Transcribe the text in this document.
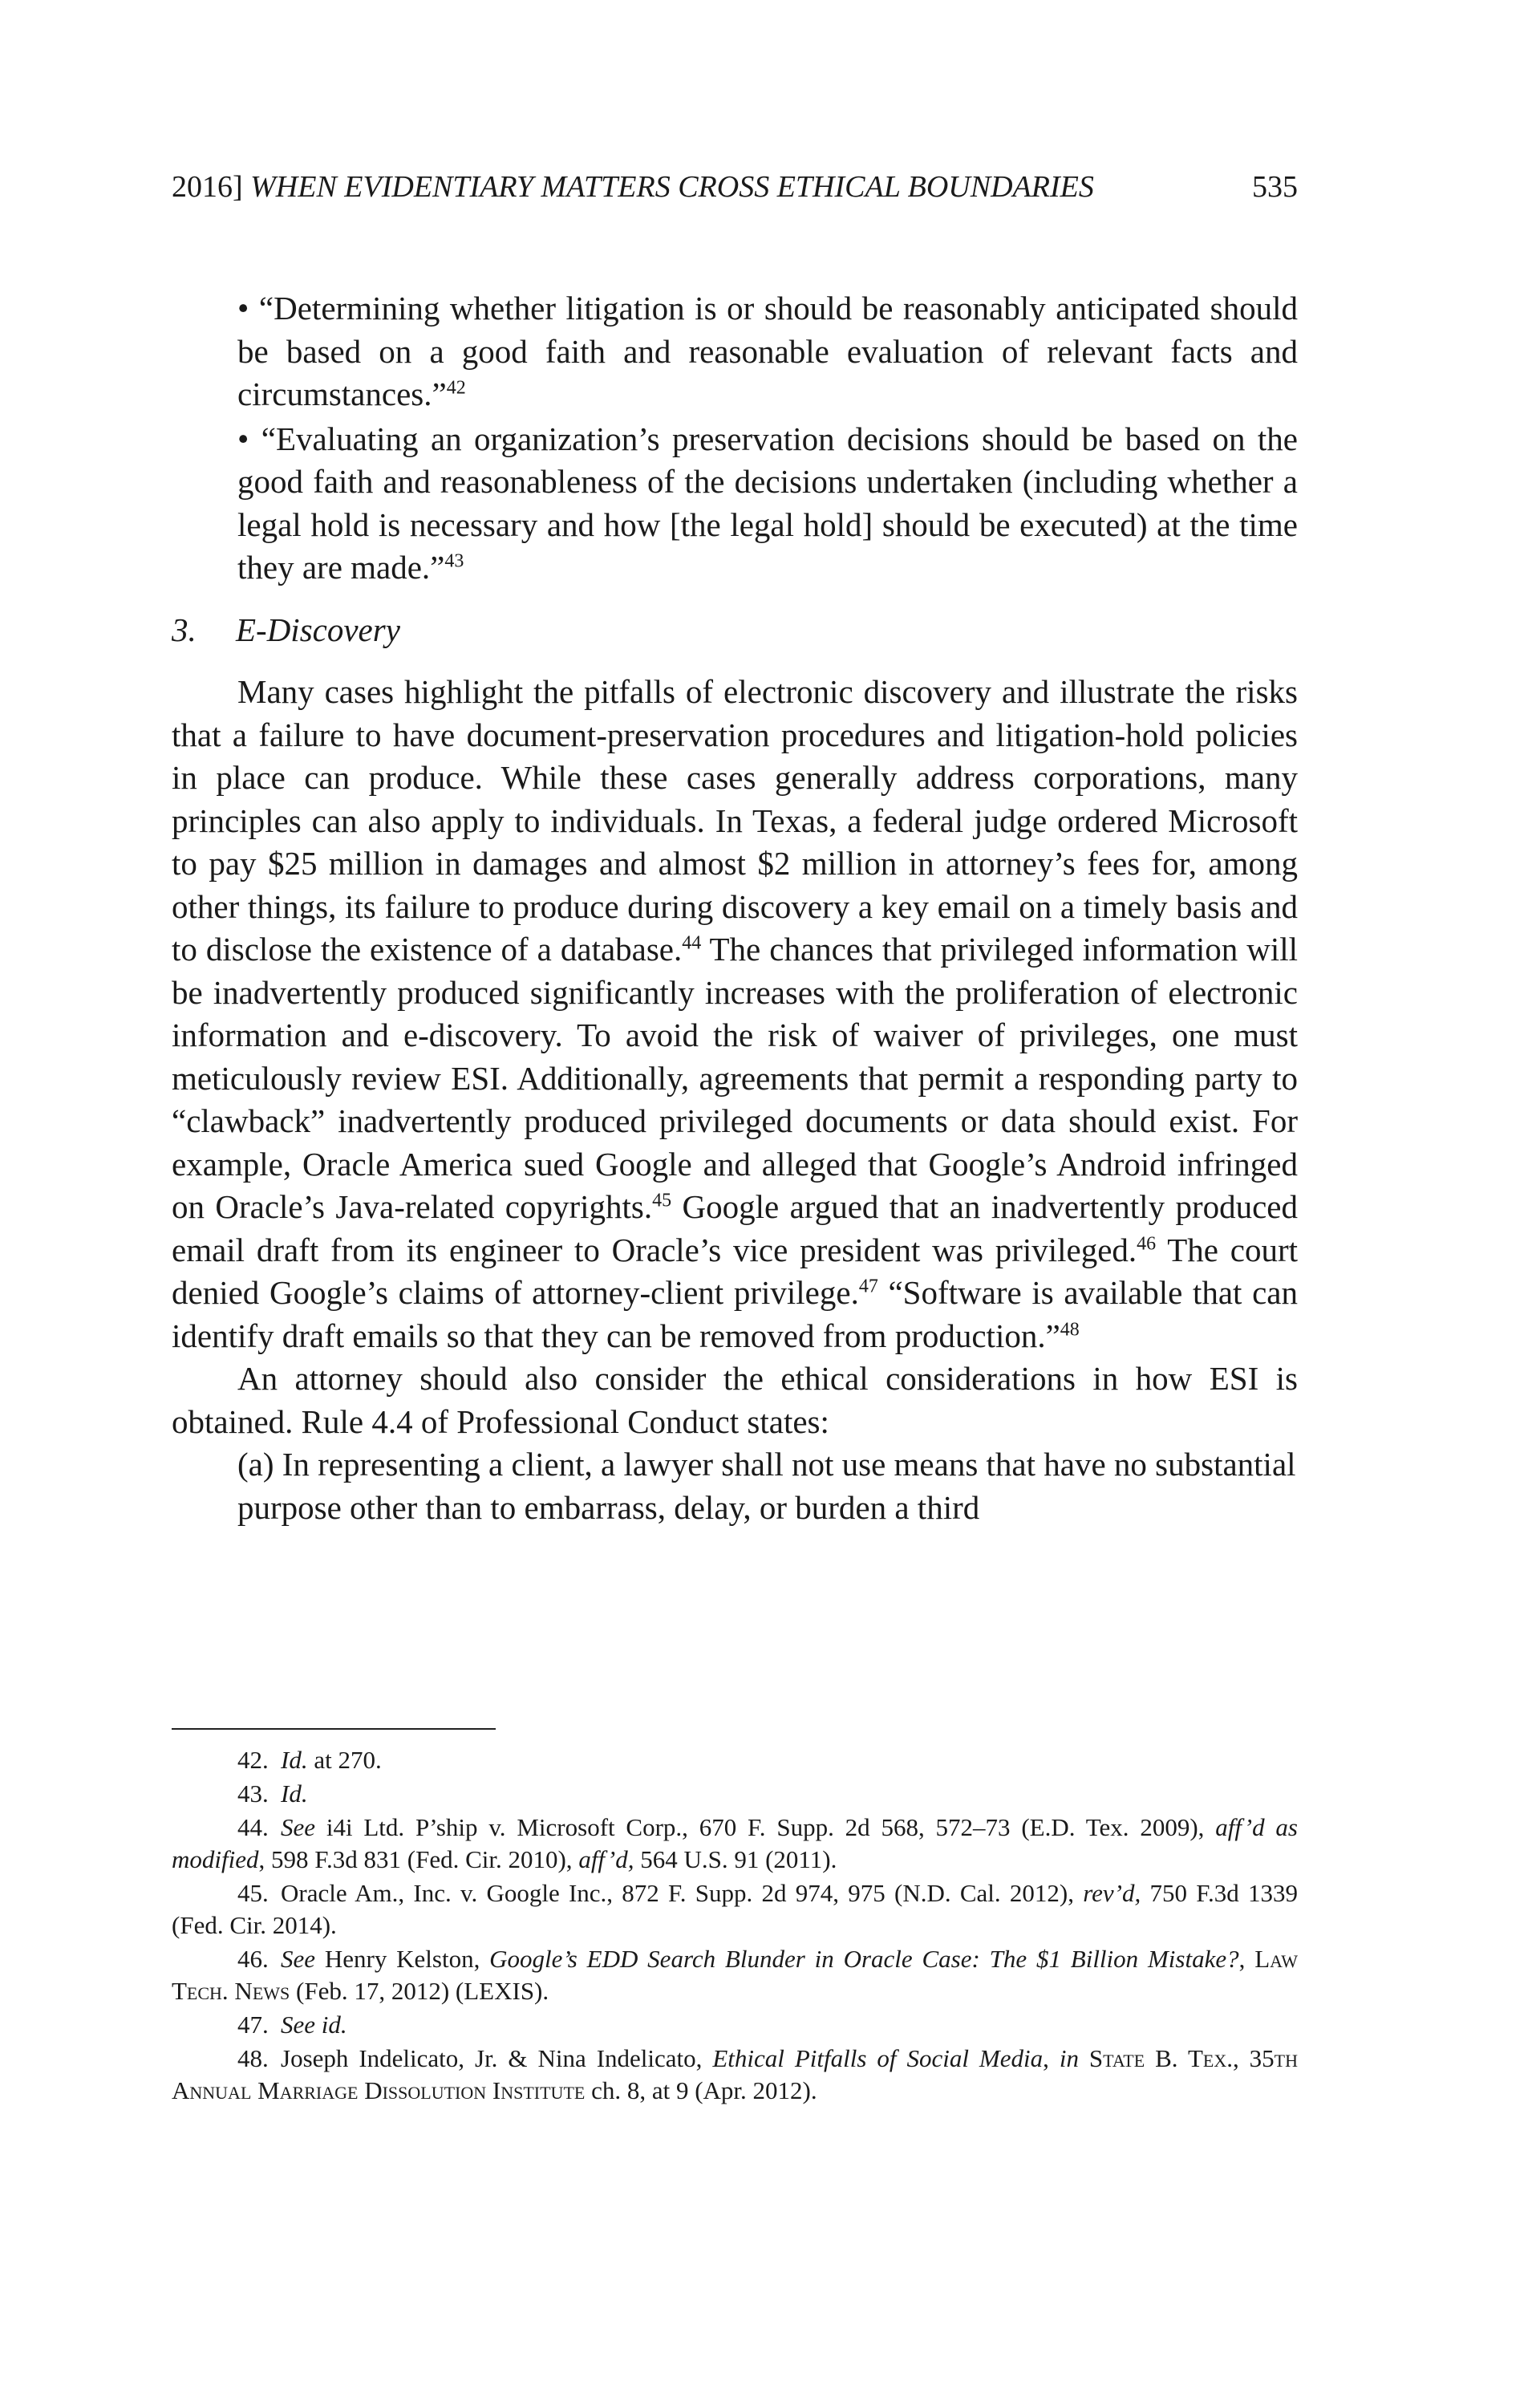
2016] WHEN EVIDENTIARY MATTERS CROSS ETHICAL BOUNDARIES	535
• “Determining whether litigation is or should be reasonably anticipated should be based on a good faith and reasonable evaluation of relevant facts and circumstances.”$^{42}$
• “Evaluating an organization’s preservation decisions should be based on the good faith and reasonableness of the decisions undertaken (including whether a legal hold is necessary and how [the legal hold] should be executed) at the time they are made.”$^{43}$
3. E-Discovery

Many cases highlight the pitfalls of electronic discovery and illustrate the risks that a failure to have document-preservation procedures and litigation-hold policies in place can produce. While these cases generally address corporations, many principles can also apply to individuals. In Texas, a federal judge ordered Microsoft to pay $25 million in damages and almost $2 million in attorney’s fees for, among other things, its failure to produce during discovery a key email on a timely basis and to disclose the existence of a database.$^{44}$ The chances that privileged information will be inadvertently produced significantly increases with the proliferation of electronic information and e-discovery. To avoid the risk of waiver of privileges, one must meticulously review ESI. Additionally, agreements that permit a responding party to “clawback” inadvertently produced privileged documents or data should exist. For example, Oracle America sued Google and alleged that Google’s Android infringed on Oracle’s Java-related copyrights.$^{45}$ Google argued that an inadvertently produced email draft from its engineer to Oracle’s vice president was privileged.$^{46}$ The court denied Google’s claims of attorney-client privilege.$^{47}$ “Software is available that can identify draft emails so that they can be removed from production.”$^{48}$

An attorney should also consider the ethical considerations in how ESI is obtained. Rule 4.4 of Professional Conduct states:

(a) In representing a client, a lawyer shall not use means that have no substantial purpose other than to embarrass, delay, or burden a third

42. Id. at 270.
43. Id.
44. See i4i Ltd. P’ship v. Microsoft Corp., 670 F. Supp. 2d 568, 572–73 (E.D. Tex. 2009), aff’d as modified, 598 F.3d 831 (Fed. Cir. 2010), aff’d, 564 U.S. 91 (2011).
45. Oracle Am., Inc. v. Google Inc., 872 F. Supp. 2d 974, 975 (N.D. Cal. 2012), rev’d, 750 F.3d 1339 (Fed. Cir. 2014).
46. See Henry Kelston, Google’s EDD Search Blunder in Oracle Case: The $1 Billion Mistake?, Law Tech. News (Feb. 17, 2012) (LEXIS).
47. See id.
48. Joseph Indelicato, Jr. & Nina Indelicato, Ethical Pitfalls of Social Media, in State B. Tex., 35th Annual Marriage Dissolution Institute ch. 8, at 9 (Apr. 2012).
